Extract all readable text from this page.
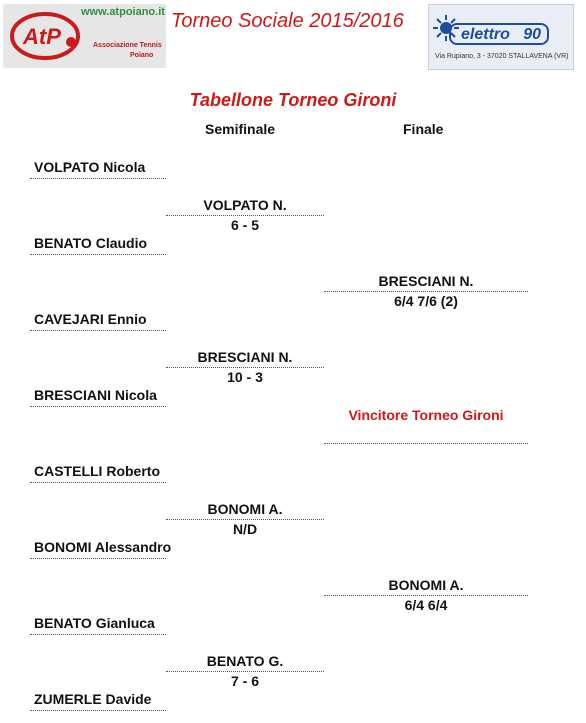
AtP
www.atpoiano.it
Associazione Tennis
Poiano
Torneo Sociale 2015/2016
elettro 90
Via Rupiano, 3 - 37020 STALLAVENA (VR)
Tabellone Torneo Gironi
Semifinale	Finale
VOLPATO Nicola
BENATO Claudio
CAVEJARI Ennio
BRESCIANI Nicola
CASTELLI Roberto
BONOMI Alessandro
BENATO Gianluca
ZUMERLE Davide
VOLPATO N.
6 - 5
BRESCIANI N.
10 - 3
BONOMI A.
N/D
BENATO G.
7 - 6
BRESCIANI N.
6/4 7/6 (2)
BONOMI A.
6/4 6/4
Vincitore Torneo Gironi
